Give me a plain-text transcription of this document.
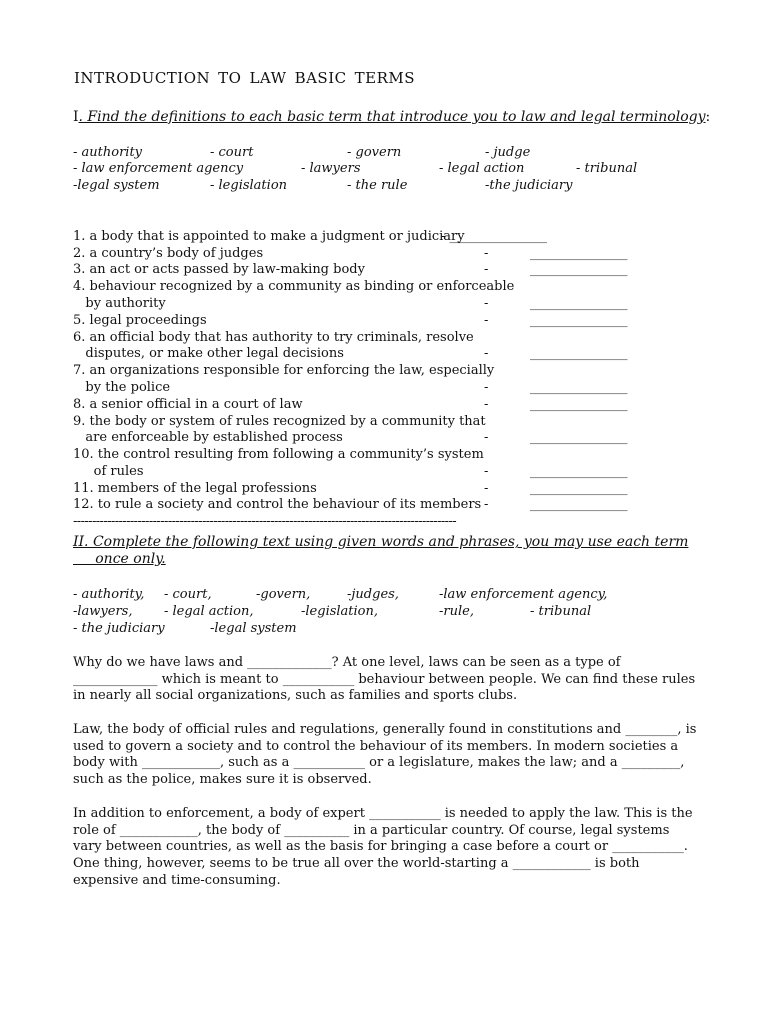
INTRODUCTION TO LAW BASIC TERMS
I. Find the definitions to each basic term that introduce you to law and legal terminology:
- authority	- court	- govern	- judge
- law enforcement agency	- lawyers	- legal action	- tribunal
-legal system	- legislation	- the rule	-the judiciary
1. a body that is appointed to make a judgment or judiciary
- _______________
2. a country’s body of judges	-	_______________
3. an act or acts passed by law-making body	-	_______________
4. behaviour recognized by a community as binding or enforceable
by authority	-	_______________
5. legal proceedings	-	_______________
6. an official body that has authority to try criminals, resolve
disputes, or make other legal decisions	-	_______________
7. an organizations responsible for enforcing the law, especially
by the police	-	_______________
8. a senior official in a court of law	-	_______________
9. the body or system of rules recognized by a community that
are enforceable by established process	-	_______________
10. the control resulting from following a community’s system
of rules	-	_______________
11. members of the legal professions	-	_______________
12. to rule a society and control the behaviour of its members -	_______________
-----------------------------------------------------------------------------------------------------
II. Complete the following text using given words and phrases, you may use each term
once only.
- authority, - court,	-govern,	-judges,	-law enforcement agency,
-lawyers, - legal action,	-legislation,	-rule,	- tribunal
- the judiciary	-legal system

Why do we have laws and _____________? At one level, laws can be seen as a type of _____________ which is meant to ___________ behaviour between people. We can find these rules in nearly all social organizations, such as families and sports clubs.

Law, the body of official rules and regulations, generally found in constitutions and ________, is used to govern a society and to control the behaviour of its members. In modern societies a body with ____________, such as a ___________ or a legislature, makes the law; and a _________, such as the police, makes sure it is observed.

In addition to enforcement, a body of expert ___________ is needed to apply the law. This is the role of ____________, the body of __________ in a particular country. Of course, legal systems vary between countries, as well as the basis for bringing a case before a court or ___________. One thing, however, seems to be true all over the world-starting a ____________ is both expensive and time-consuming.
